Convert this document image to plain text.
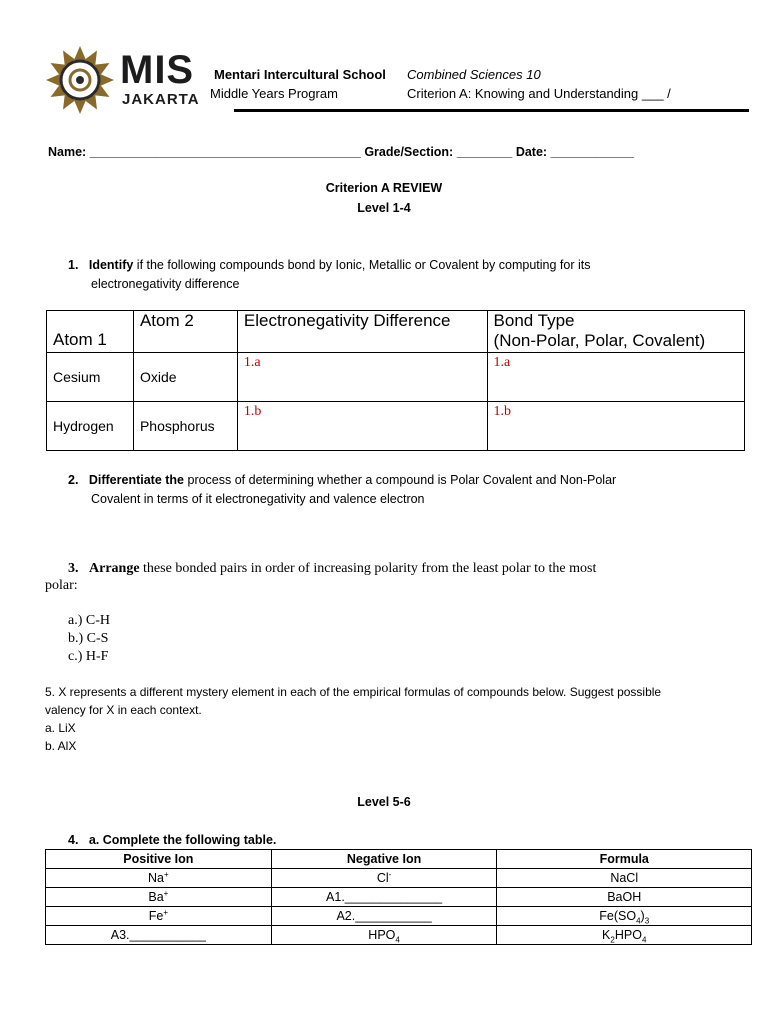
MIS
JAKARTA
Mentari Intercultural School
Middle Years Program
Combined Sciences 10
Criterion A: Knowing and Understanding ___ /
Name: _______________________________________ Grade/Section: ________ Date: ____________
Criterion A REVIEW
Level 1-4
1. Identify if the following compounds bond by Ionic, Metallic or Covalent by computing for its
electronegativity difference
Atom 1	Atom 2	Electronegativity Difference	Bond Type
(Non-Polar, Polar, Covalent)

Cesium	Oxide	1.a	1.a
Hydrogen	Phosphorus	1.b	1.b
2. Differentiate the process of determining whether a compound is Polar Covalent and Non-Polar
Covalent in terms of it electronegativity and valence electron
3. Arrange these bonded pairs in order of increasing polarity from the least polar to the most
polar:
a.) C-H
b.) C-S
c.) H-F
5. X represents a different mystery element in each of the empirical formulas of compounds below. Suggest possible
valency for X in each context.
a. LiX
b. AlX
Level 5-6
4. a. Complete the following table.
Positive Ion	Negative Ion	Formula
Na+	Cl-	NaCl
Ba+	A1.______________	BaOH
Fe+	A2.___________	$Fe(SO_4)_3$
A3.___________	$HPO_4$	$K_2HPO_4$
